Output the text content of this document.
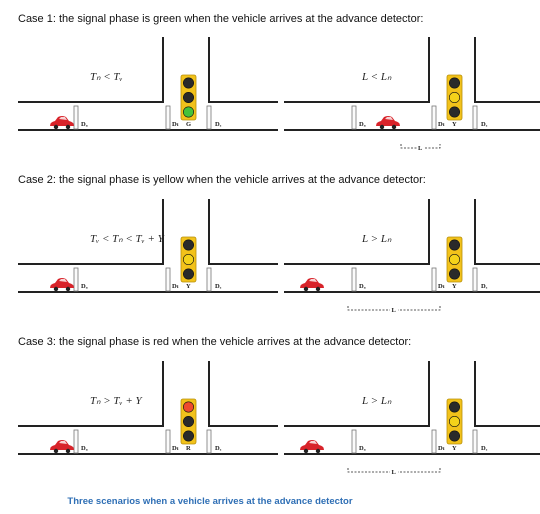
Case 1: the signal phase is green when the vehicle arrives at the advance detector:
Case 2: the signal phase is yellow when the vehicle arrives at the advance detector:
Case 3: the signal phase is red when the vehicle arrives at the advance detector:
Tₙ < Tᵥ
Dₐ	Dₜ	Dₑ
G
L < Lₙ
Dₐ	Dₜ	Dₑ
Y
L
Tᵥ < Tₙ < Tᵥ + Y
Dₐ	Dₜ	Dₑ
Y
L > Lₙ
Dₐ	Dₜ	Dₑ
Y
L
Tₙ > Tᵥ + Y
Dₐ	Dₜ	Dₑ
R
L > Lₙ
Dₐ	Dₜ	Dₑ
Y
L
Three scenarios when a vehicle arrives at the advance detector
